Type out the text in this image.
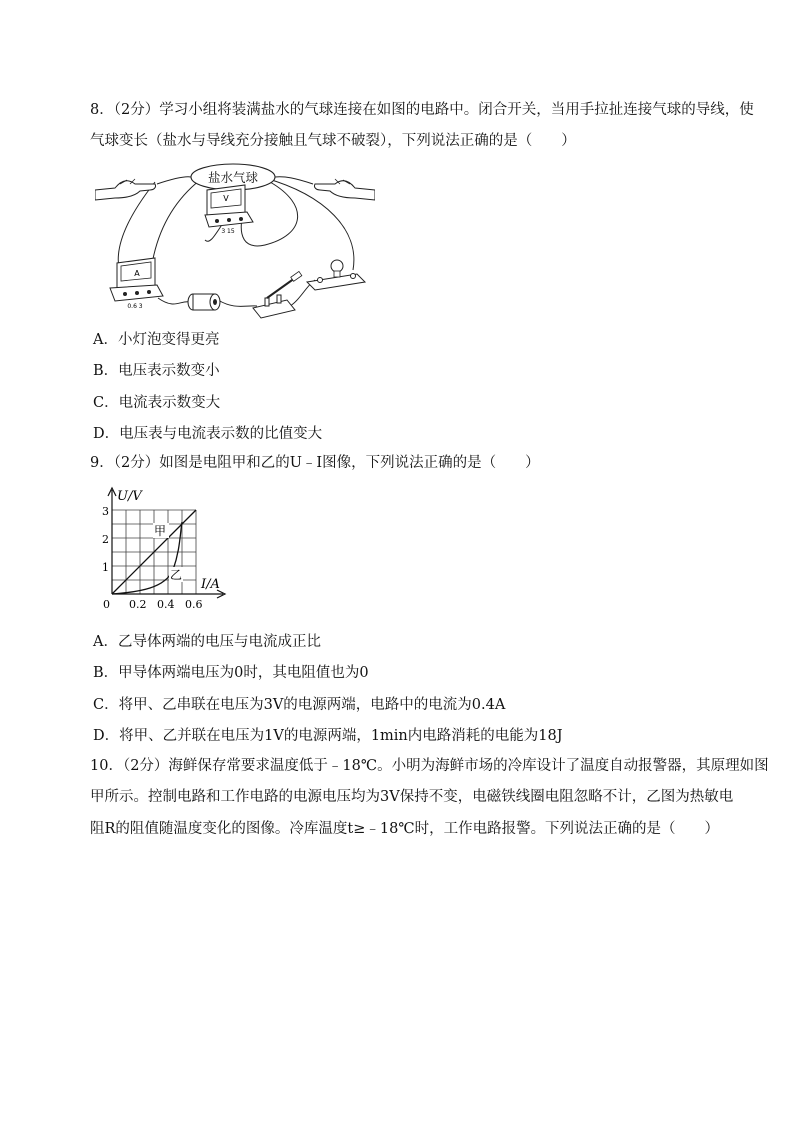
8．（2分）学习小组将装满盐水的气球连接在如图的电路中。闭合开关，当用手拉扯连接气球的导线，使
气球变长（盐水与导线充分接触且气球不破裂），下列说法正确的是（　　）
盐水气球
V
3 15
A
0.6 3
A．小灯泡变得更亮
B．电压表示数变小
C．电流表示数变大
D．电压表与电流表示数的比值变大
9．（2分）如图是电阻甲和乙的U﹣I图像，下列说法正确的是（　　）
U/V
I/A
1
2
3
0 0.2 0.4 0.6
甲
乙
A．乙导体两端的电压与电流成正比
B．甲导体两端电压为0时，其电阻值也为0
C．将甲、乙串联在电压为3V的电源两端，电路中的电流为0.4A
D．将甲、乙并联在电压为1V的电源两端，1min内电路消耗的电能为18J
10．（2分）海鲜保存常要求温度低于﹣18℃。小明为海鲜市场的冷库设计了温度自动报警器，其原理如图
甲所示。控制电路和工作电路的电源电压均为3V保持不变，电磁铁线圈电阻忽略不计，乙图为热敏电
阻R的阻值随温度变化的图像。冷库温度t≥﹣18℃时，工作电路报警。下列说法正确的是（　　）
